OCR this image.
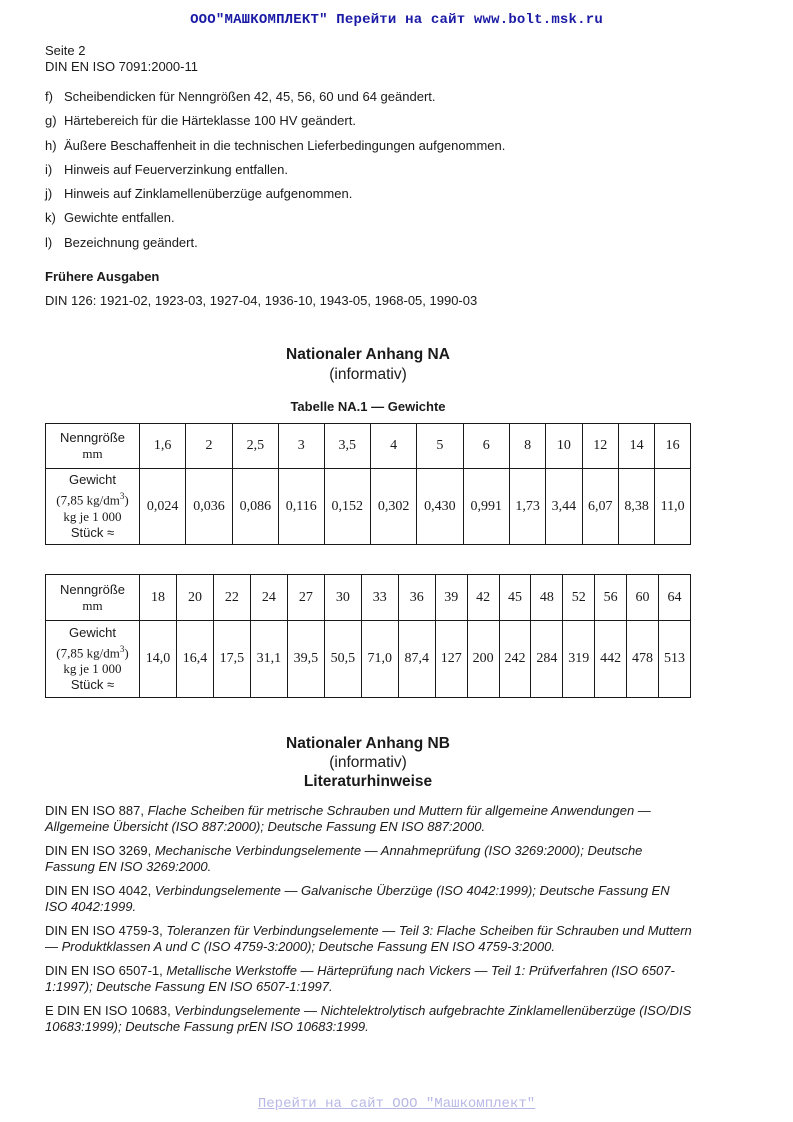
ООО"МАШКОМПЛЕКТ" Перейти на сайт www.bolt.msk.ru
Seite 2
DIN EN ISO 7091:2000-11
f) Scheibendicken für Nenngrößen 42, 45, 56, 60 und 64 geändert.
g) Härtebereich für die Härteklasse 100 HV geändert.
h) Äußere Beschaffenheit in die technischen Lieferbedingungen aufgenommen.
i) Hinweis auf Feuerverzinkung entfallen.
j) Hinweis auf Zinklamellenüberzüge aufgenommen.
k) Gewichte entfallen.
l) Bezeichnung geändert.
Frühere Ausgaben
DIN 126: 1921-02, 1923-03, 1927-04, 1936-10, 1943-05, 1968-05, 1990-03
Nationaler Anhang NA
(informativ)
Tabelle NA.1 — Gewichte
Nenngröße
mm	1,6	2	2,5	3	3,5	4	5	6	8	10	12	14	16

Gewicht
(7,85 $kg/dm^3$)
kg je 1 000
Stück ≈	0,024	0,036	0,086	0,116	0,152	0,302	0,430	0,991	1,73	3,44	6,07	8,38	11,0
Nenngröße
mm	18	20	22	24	27	30	33	36	39	42	45	48	52	56	60	64

Gewicht
(7,85 $kg/dm^3$)
kg je 1 000
Stück ≈	14,0	16,4	17,5	31,1	39,5	50,5	71,0	87,4	127	200	242	284	319	442	478	513
Nationaler Anhang NB
(informativ)
Literaturhinweise
DIN EN ISO 887, Flache Scheiben für metrische Schrauben und Muttern für allgemeine Anwendungen — Allgemeine Übersicht (ISO 887:2000); Deutsche Fassung EN ISO 887:2000.
DIN EN ISO 3269, Mechanische Verbindungselemente — Annahmeprüfung (ISO 3269:2000); Deutsche Fassung EN ISO 3269:2000.
DIN EN ISO 4042, Verbindungselemente — Galvanische Überzüge (ISO 4042:1999); Deutsche Fassung EN ISO 4042:1999.
DIN EN ISO 4759-3, Toleranzen für Verbindungselemente — Teil 3: Flache Scheiben für Schrauben und Muttern — Produktklassen A und C (ISO 4759-3:2000); Deutsche Fassung EN ISO 4759-3:2000.
DIN EN ISO 6507-1, Metallische Werkstoffe — Härteprüfung nach Vickers — Teil 1: Prüfverfahren (ISO 6507-1:1997); Deutsche Fassung EN ISO 6507-1:1997.
E DIN EN ISO 10683, Verbindungselemente — Nichtelektrolytisch aufgebrachte Zinklamellenüberzüge (ISO/DIS 10683:1999); Deutsche Fassung prEN ISO 10683:1999.
Перейти на сайт ООО "Машкомплект"
